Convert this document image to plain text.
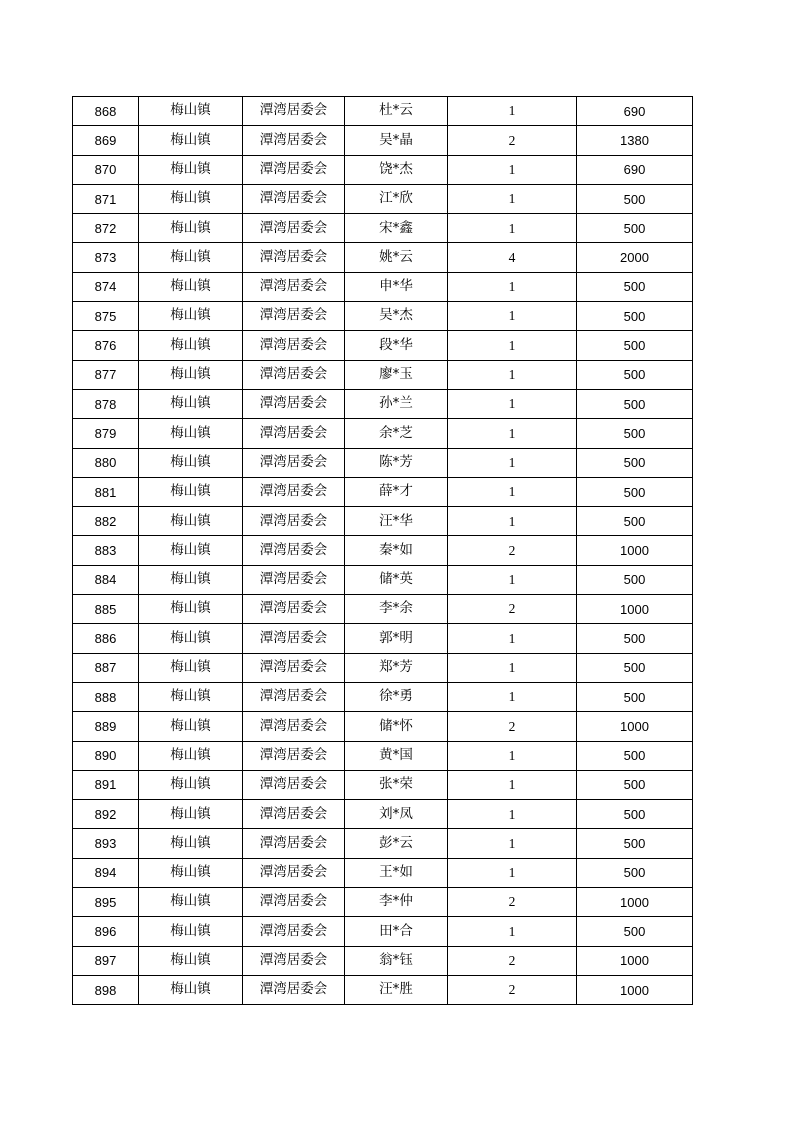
868	梅山镇	潭湾居委会	杜*云	1	690
869	梅山镇	潭湾居委会	吴*晶	2	1380
870	梅山镇	潭湾居委会	饶*杰	1	690
871	梅山镇	潭湾居委会	江*欣	1	500
872	梅山镇	潭湾居委会	宋*鑫	1	500
873	梅山镇	潭湾居委会	姚*云	4	2000
874	梅山镇	潭湾居委会	申*华	1	500
875	梅山镇	潭湾居委会	吴*杰	1	500
876	梅山镇	潭湾居委会	段*华	1	500
877	梅山镇	潭湾居委会	廖*玉	1	500
878	梅山镇	潭湾居委会	孙*兰	1	500
879	梅山镇	潭湾居委会	余*芝	1	500
880	梅山镇	潭湾居委会	陈*芳	1	500
881	梅山镇	潭湾居委会	薛*才	1	500
882	梅山镇	潭湾居委会	汪*华	1	500
883	梅山镇	潭湾居委会	秦*如	2	1000
884	梅山镇	潭湾居委会	储*英	1	500
885	梅山镇	潭湾居委会	李*余	2	1000
886	梅山镇	潭湾居委会	郭*明	1	500
887	梅山镇	潭湾居委会	郑*芳	1	500
888	梅山镇	潭湾居委会	徐*勇	1	500
889	梅山镇	潭湾居委会	储*怀	2	1000
890	梅山镇	潭湾居委会	黄*国	1	500
891	梅山镇	潭湾居委会	张*荣	1	500
892	梅山镇	潭湾居委会	刘*凤	1	500
893	梅山镇	潭湾居委会	彭*云	1	500
894	梅山镇	潭湾居委会	王*如	1	500
895	梅山镇	潭湾居委会	李*仲	2	1000
896	梅山镇	潭湾居委会	田*合	1	500
897	梅山镇	潭湾居委会	翁*钰	2	1000
898	梅山镇	潭湾居委会	汪*胜	2	1000
